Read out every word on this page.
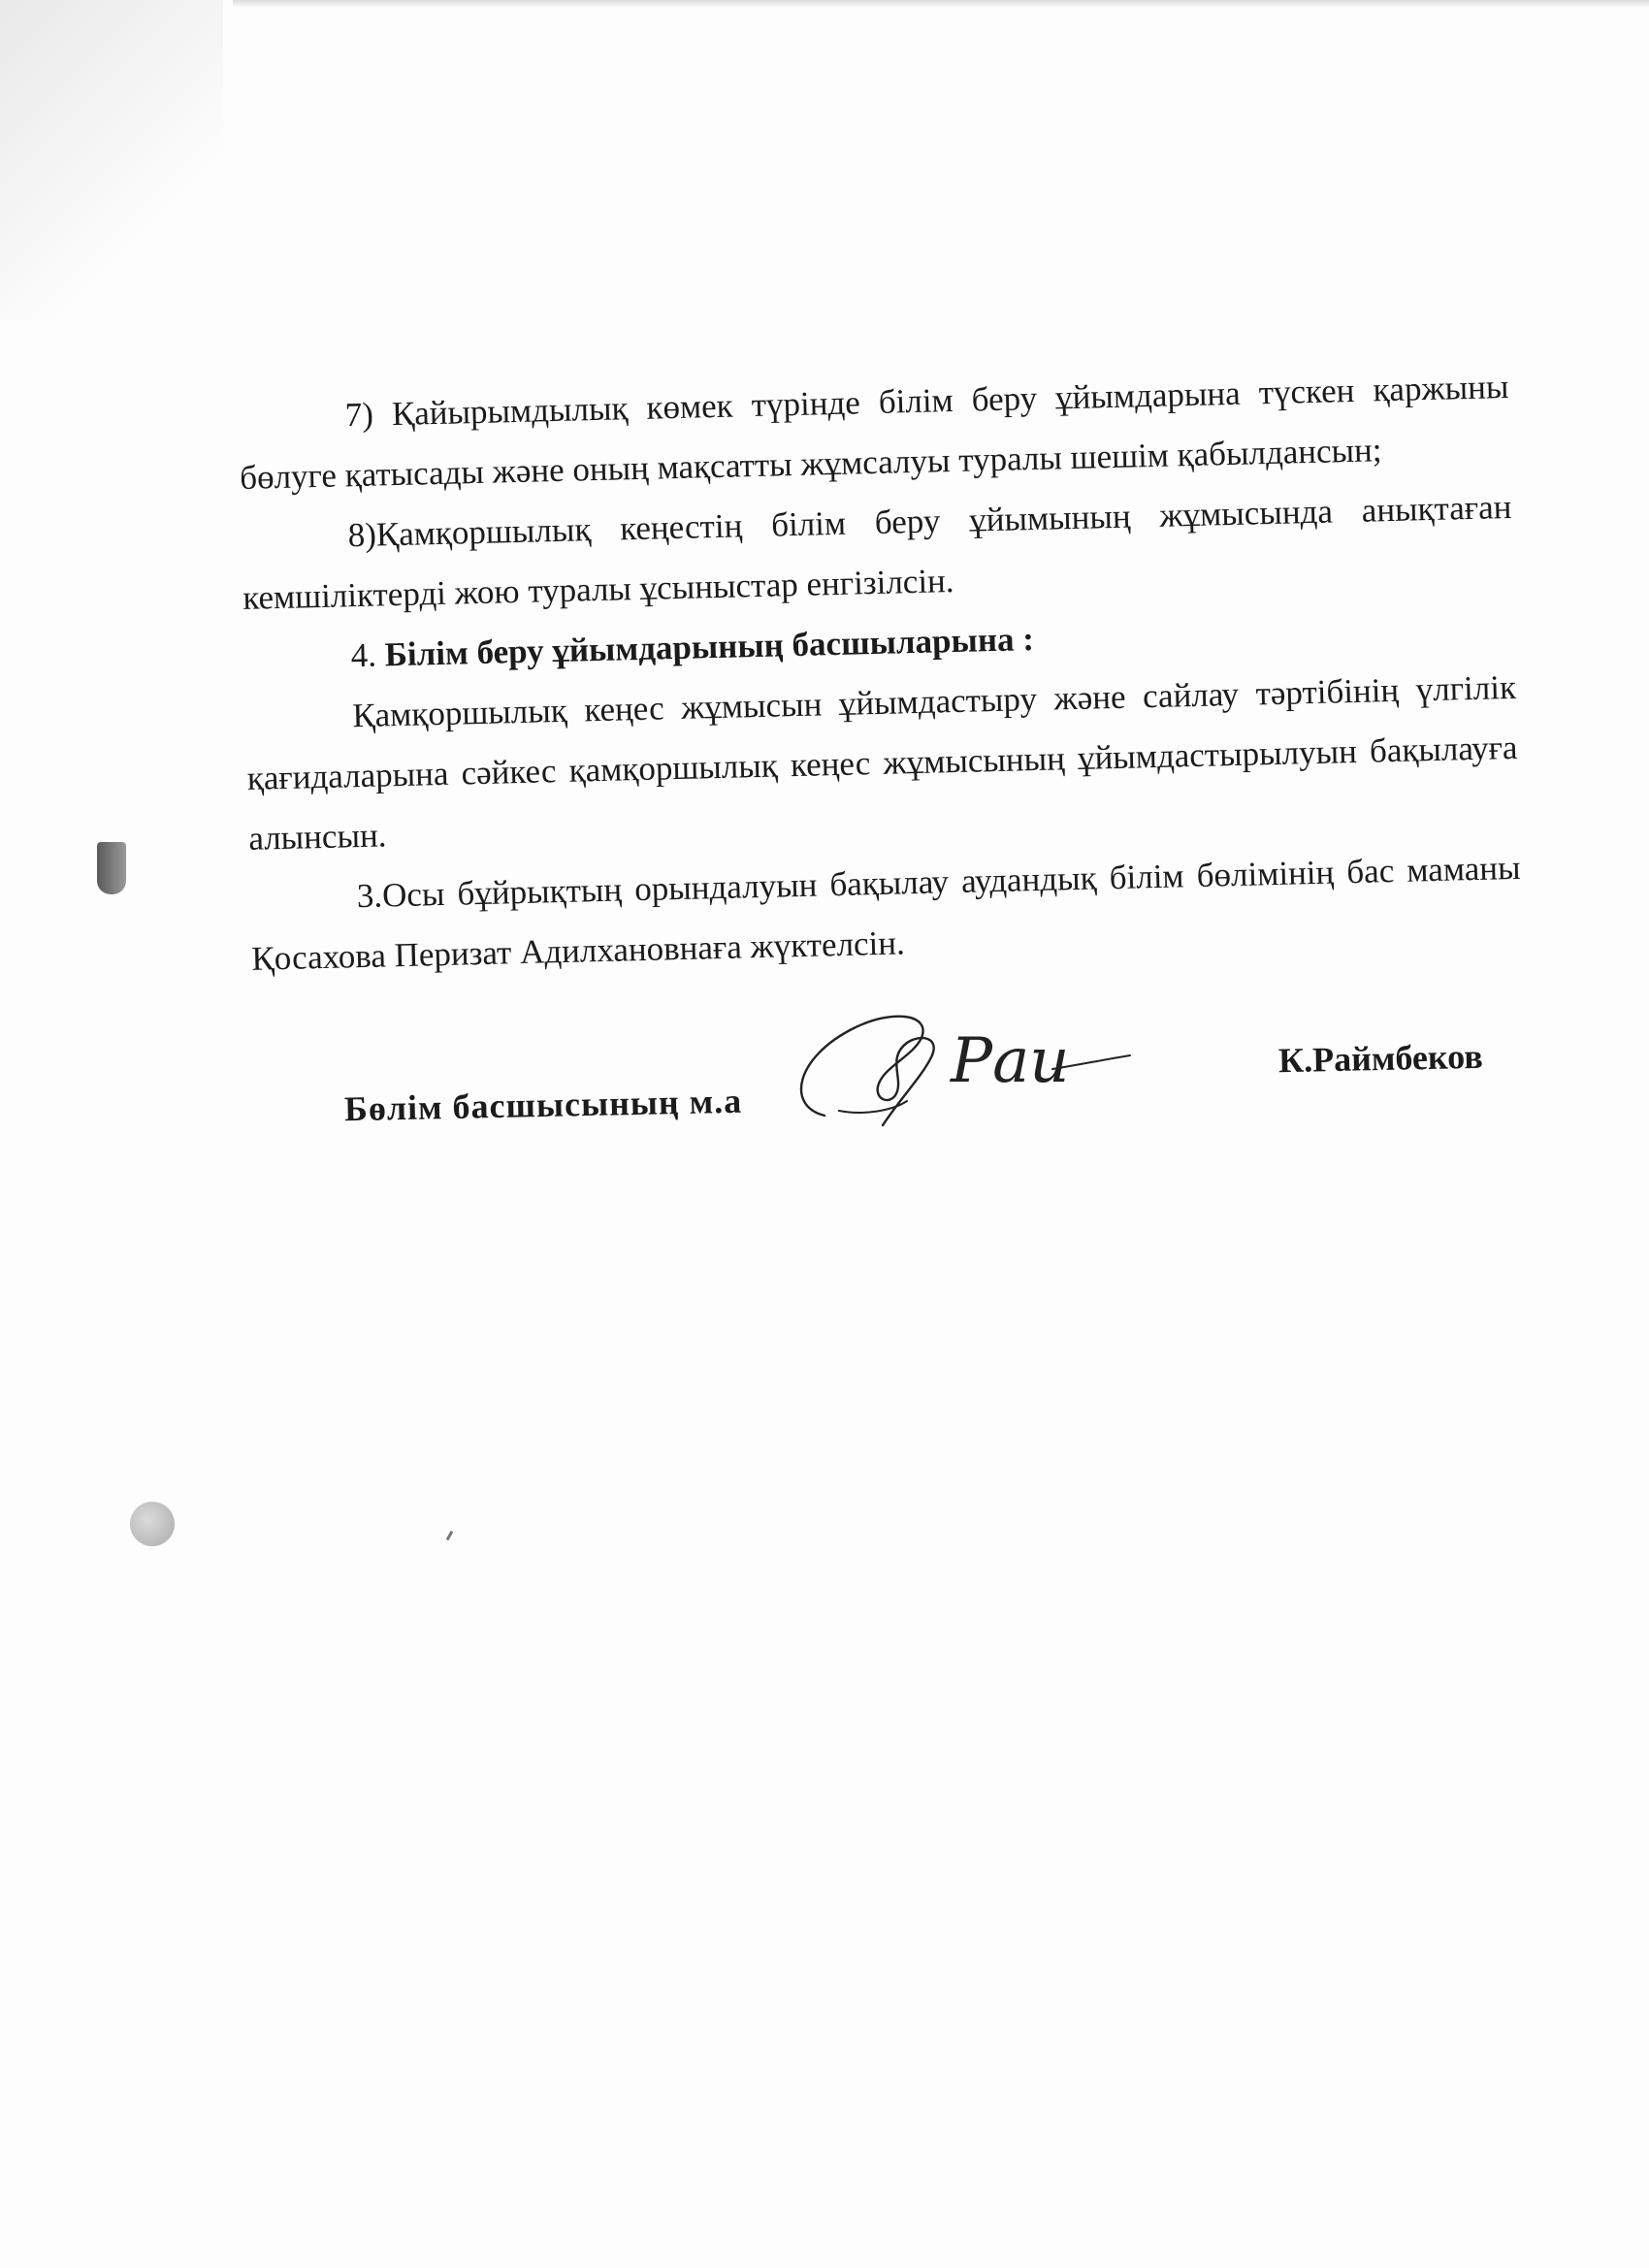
7) Қайырымдылық көмек түрінде білім беру ұйымдарына түскен қаржыны бөлуге қатысады және оның мақсатты жұмсалуы туралы шешім қабылдансын;

8)Қамқоршылық кеңестің білім беру ұйымының жұмысында анықтаған кемшіліктерді жою туралы ұсыныстар енгізілсін.

4. Білім беру ұйымдарының басшыларына :

Қамқоршылық кеңес жұмысын ұйымдастыру және сайлау тәртібінің үлгілік қағидаларына сәйкес қамқоршылық кеңес жұмысының ұйымдастырылуын бақылауға алынсын.

3.Осы бұйрықтың орындалуын бақылау аудандық білім бөлімінің бас маманы Қосахова Перизат Адилхановнаға жүктелсін.

Бөлім басшысының м.а
Раи	К.Раймбеков
